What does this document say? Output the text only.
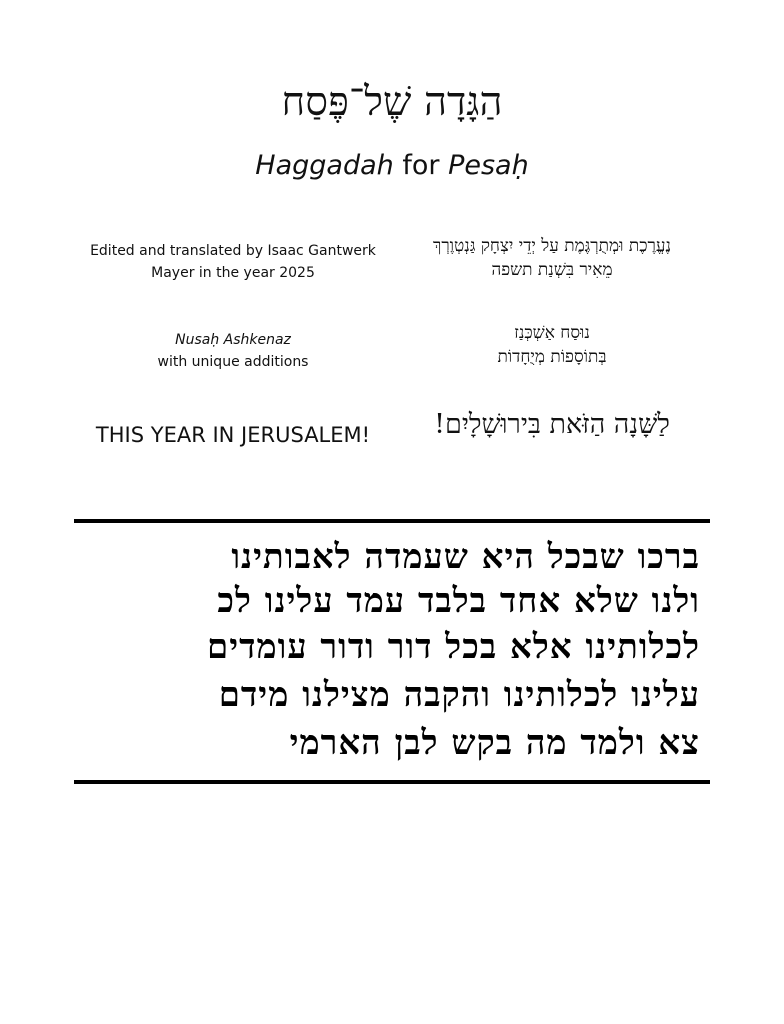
הַגָּדָה שֶׁל־פֶּסַח
Haggadah for Pesaḥ
Edited and translated by Isaac Gantwerk
Mayer in the year 2025
נֶעֱרֶכֶת וּמְתֻרְגֶּמֶת עַל יְדֵי יִצְחָק גַּנְטְוֶרְךְ
מֵאִיר בִּשְׁנַת תשפה
Nusaḥ Ashkenaz
with unique additions
נוּסַח אַשְׁכְּנַז
בְּתוֹסָפוֹת מְיֻחָדוֹת
THIS YEAR IN JERUSALEM!	לַשָּׁנָה הַזֹּאת בִּירוּשָׁלָיִם!
ברכו שבכל היא שעמדה לאבותינו
ולנו שלא אחד בלבד עמד עלינו לכ
לכלותינו אלא בכל דור ודור עומדים
עלינו לכלותינו והקבה מצילנו מידם
צא ולמד מה בקש לבן הארמי
